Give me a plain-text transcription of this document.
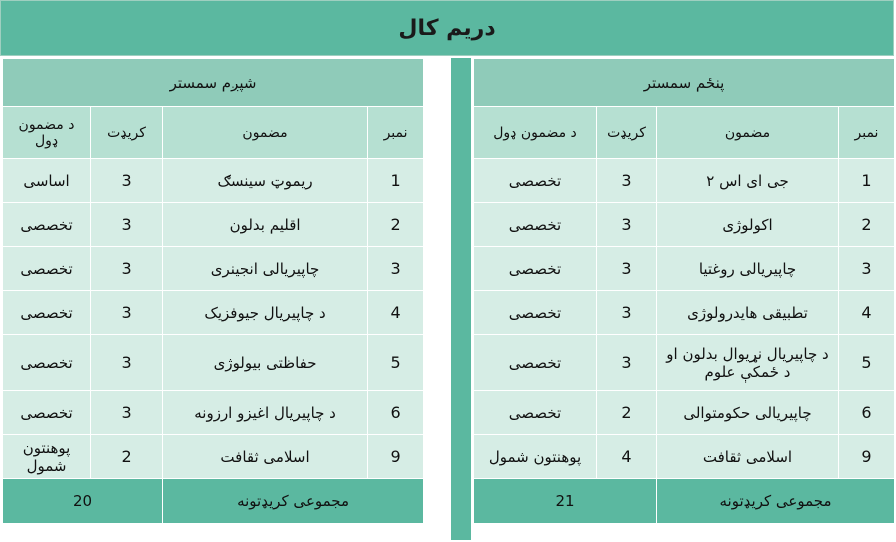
دریم کال
پنځم سمستر			
نمبر	مضمون	کریډت	د مضمون ډول
1	جی ای اس ۲	3	تخصصی
2	اکولوژی	3	تخصصی
3	چاپیریالی روغتیا	3	تخصصی
4	تطبیقی هایدرولوژی	3	تخصصی
5	د چاپیریال نړیوال بدلون او د ځمکې علوم	3	تخصصی
6	چاپیریالی حکومتوالی	2	تخصصی
9	اسلامی ثقافت	4	پوهنتون شمول
مجموعی کریډتونه		21	
شپږم سمستر			
نمبر	مضمون	کریډت	د مضمون ډول
1	ریموټ سینسګ	3	اساسی
2	اقلیم بدلون	3	تخصصی
3	چاپیریالی انجینری	3	تخصصی
4	د چاپیریال جیوفزیک	3	تخصصی
5	حفاظتی بیولوژی	3	تخصصی
6	د چاپیریال اغیزو ارزونه	3	تخصصی
9	اسلامی ثقافت	2	پوهنتون شمول
مجموعی کریډتونه		20	
